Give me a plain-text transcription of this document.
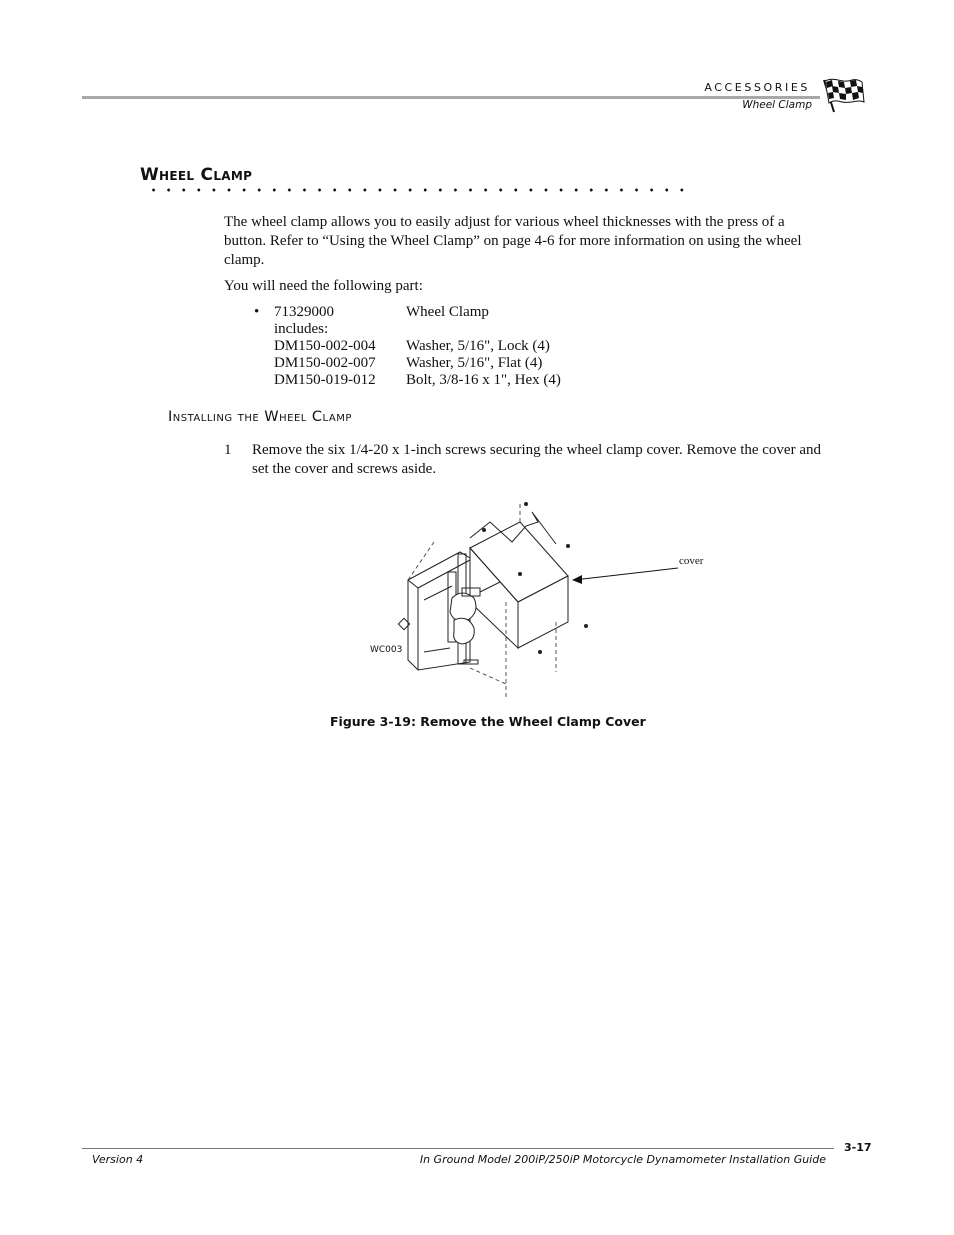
ACCESSORIES
Wheel Clamp
Wheel Clamp
The wheel clamp allows you to easily adjust for various wheel thicknesses with the press of a button. Refer to “Using the Wheel Clamp” on page 4-6 for more information on using the wheel clamp.
You will need the following part:
• 71329000	Wheel Clamp
includes:
DM150-002-004	Washer, 5/16", Lock (4)
DM150-002-007	Washer, 5/16", Flat (4)
DM150-019-012	Bolt, 3/8-16 x 1", Hex (4)
Installing the Wheel Clamp
1	Remove the six 1/4-20 x 1-inch screws securing the wheel clamp cover. Remove the cover and set the cover and screws aside.
cover
WC003
Figure 3-19: Remove the Wheel Clamp Cover
3-17
Version 4	In Ground Model 200iP/250iP Motorcycle Dynamometer Installation Guide
